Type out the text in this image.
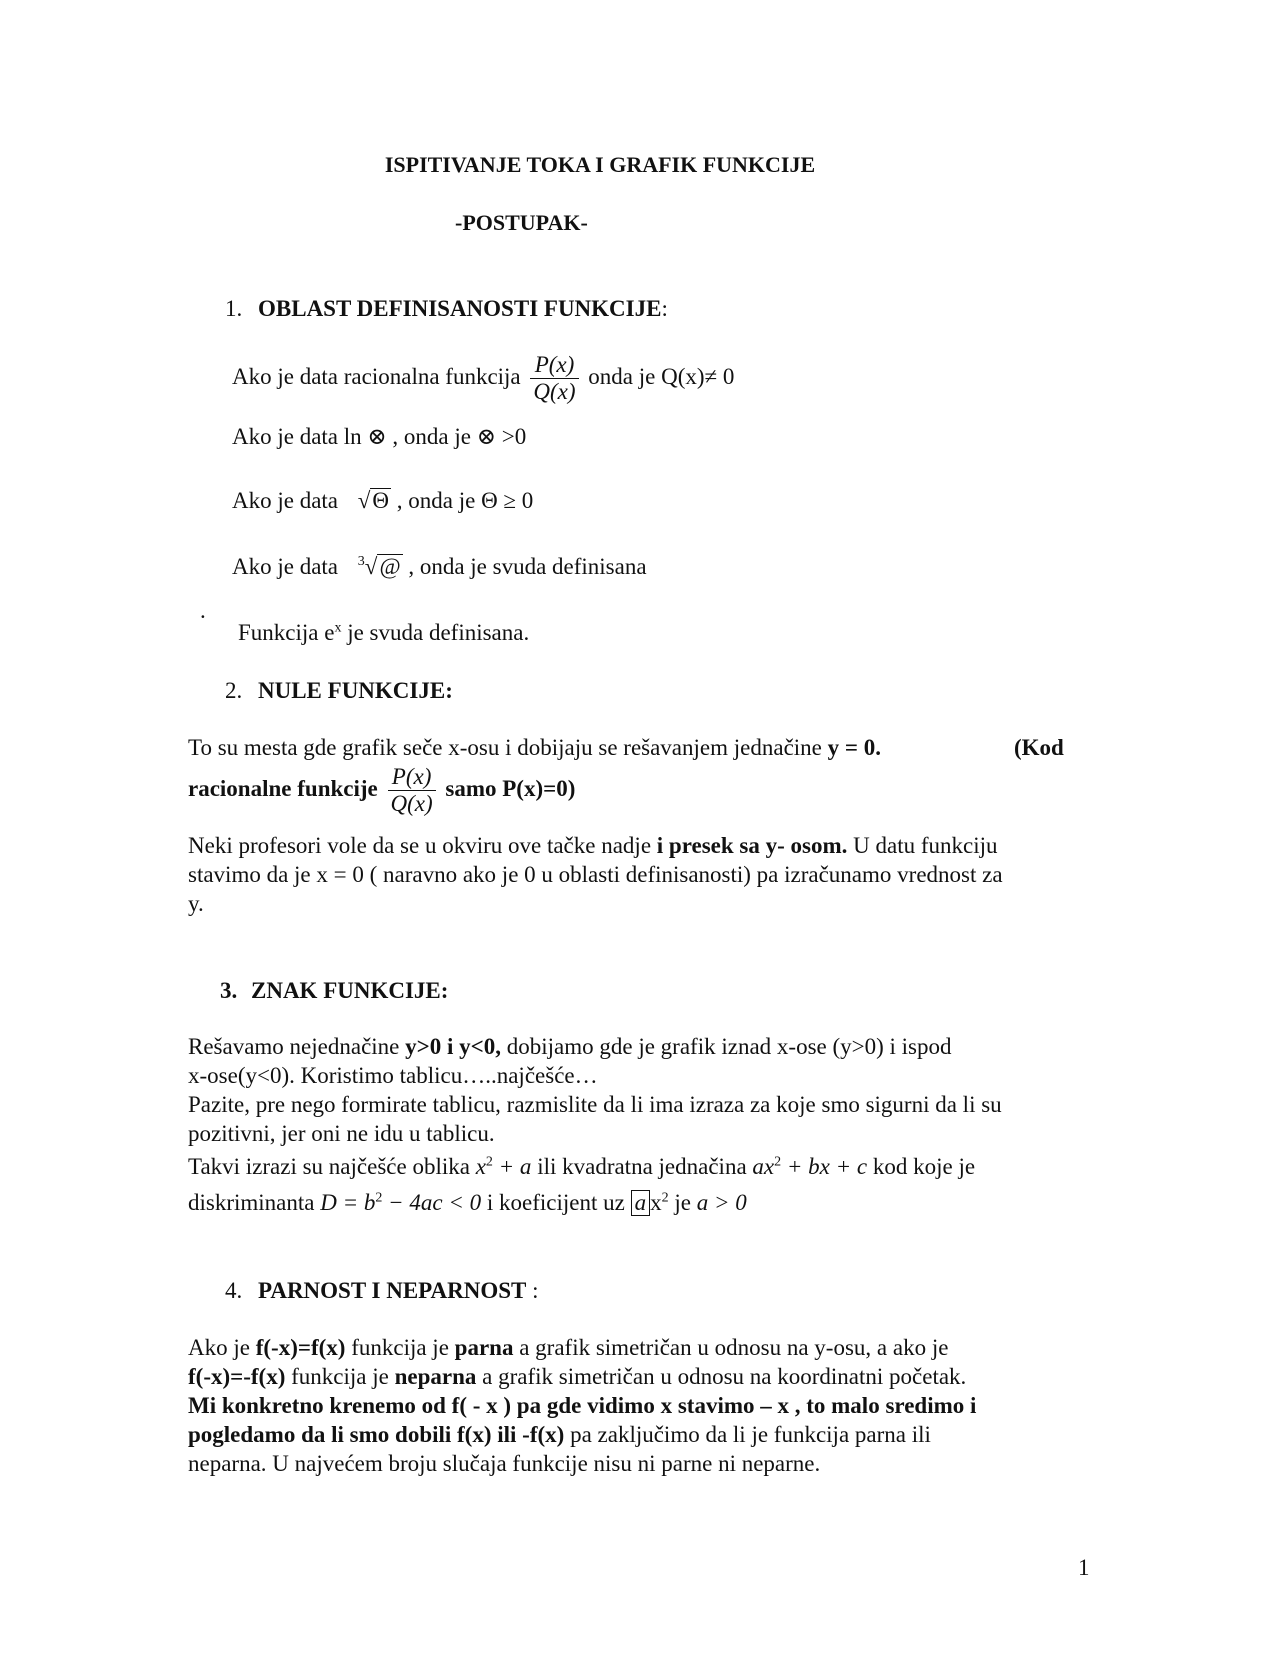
ISPITIVANJE TOKA I GRAFIK FUNKCIJE
-POSTUPAK-
1. OBLAST DEFINISANOSTI FUNKCIJE:
Ako je data racionalna funkcija $\frac{P(x)}{Q(x)}$ onda je Q(x)≠ 0
Ako je data ln ⊗ , onda je ⊗ >0
Ako je data √Θ , onda je Θ ≥ 0
Ako je data $^3$√@ , onda je svuda definisana
.
Funkcija $e^x$ je svuda definisana.
2. NULE FUNKCIJE:
To su mesta gde grafik seče x-osu i dobijaju se rešavanjem jednačine y = 0.	(Kod
racionalne funkcije $\frac{P(x)}{Q(x)}$ samo P(x)=0)
Neki profesori vole da se u okviru ove tačke nadje i presek sa y- osom. U datu funkciju
stavimo da je x = 0 ( naravno ako je 0 u oblasti definisanosti) pa izračunamo vrednost za
y.
3. ZNAK FUNKCIJE:
Rešavamo nejednačine y>0 i y<0, dobijamo gde je grafik iznad x-ose (y>0) i ispod
x-ose(y<0). Koristimo tablicu…..najčešće…
Pazite, pre nego formirate tablicu, razmislite da li ima izraza za koje smo sigurni da li su
pozitivni, jer oni ne idu u tablicu.
Takvi izrazi su najčešće oblika $x^2 + a$ ili kvadratna jednačina $ax^2$ + bx + c kod koje je
diskriminanta $D = b^2 - 4ac < 0$ i koeficijent uz a $x^2$ je a > 0
4. PARNOST I NEPARNOST :
Ako je f(-x)=f(x) funkcija je parna a grafik simetričan u odnosu na y-osu, a ako je
f(-x)=-f(x) funkcija je neparna a grafik simetričan u odnosu na koordinatni početak.
Mi konkretno krenemo od f( - x ) pa gde vidimo x stavimo – x , to malo sredimo i
pogledamo da li smo dobili f(x) ili -f(x) pa zaključimo da li je funkcija parna ili
neparna. U najvećem broju slučaja funkcije nisu ni parne ni neparne.
1
